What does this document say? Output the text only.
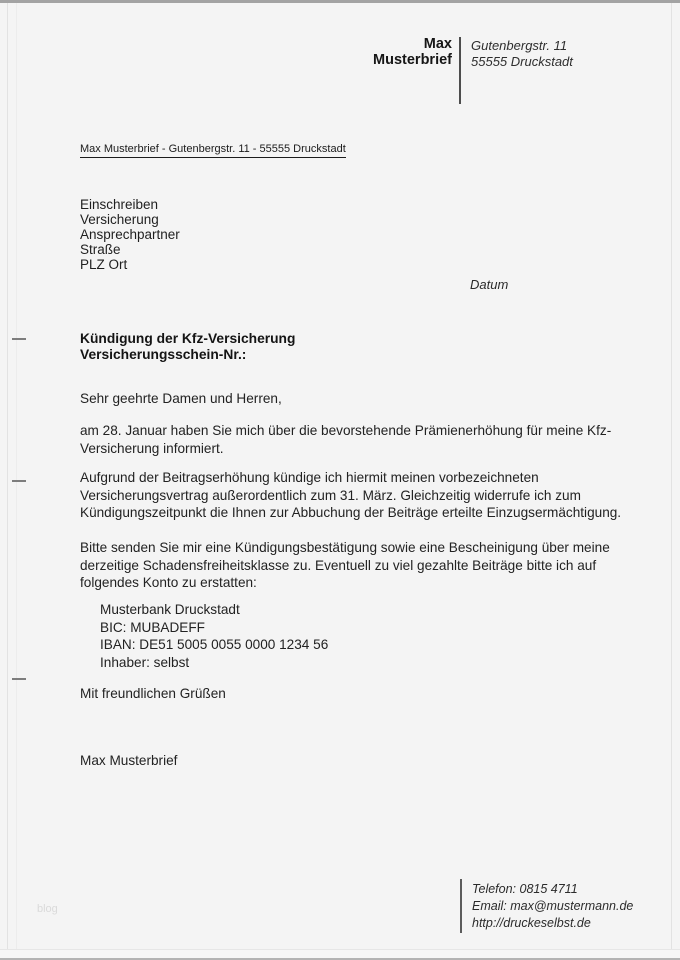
Max
Musterbrief
Gutenbergstr. 11
55555 Druckstadt
Max Musterbrief - Gutenbergstr. 11 - 55555 Druckstadt
Einschreiben
Versicherung
Ansprechpartner
Straße
PLZ Ort
Datum
Kündigung der Kfz-Versicherung
Versicherungsschein-Nr.:
Sehr geehrte Damen und Herren,
am 28. Januar haben Sie mich über die bevorstehende Prämienerhöhung für meine Kfz-Versicherung informiert.
Aufgrund der Beitragserhöhung kündige ich hiermit meinen vorbezeichneten Versicherungsvertrag außerordentlich zum 31. März. Gleichzeitig widerrufe ich zum Kündigungszeitpunkt die Ihnen zur Abbuchung der Beiträge erteilte Einzugsermächtigung.
Bitte senden Sie mir eine Kündigungsbestätigung sowie eine Bescheinigung über meine derzeitige Schadensfreiheitsklasse zu. Eventuell zu viel gezahlte Beiträge bitte ich auf folgendes Konto zu erstatten:
Musterbank Druckstadt
BIC: MUBADEFF
IBAN: DE51 5005 0055 0000 1234 56
Inhaber: selbst
Mit freundlichen Grüßen
Max Musterbrief
Telefon: 0815 4711
Email: max@mustermann.de
http://druckeselbst.de
blog
